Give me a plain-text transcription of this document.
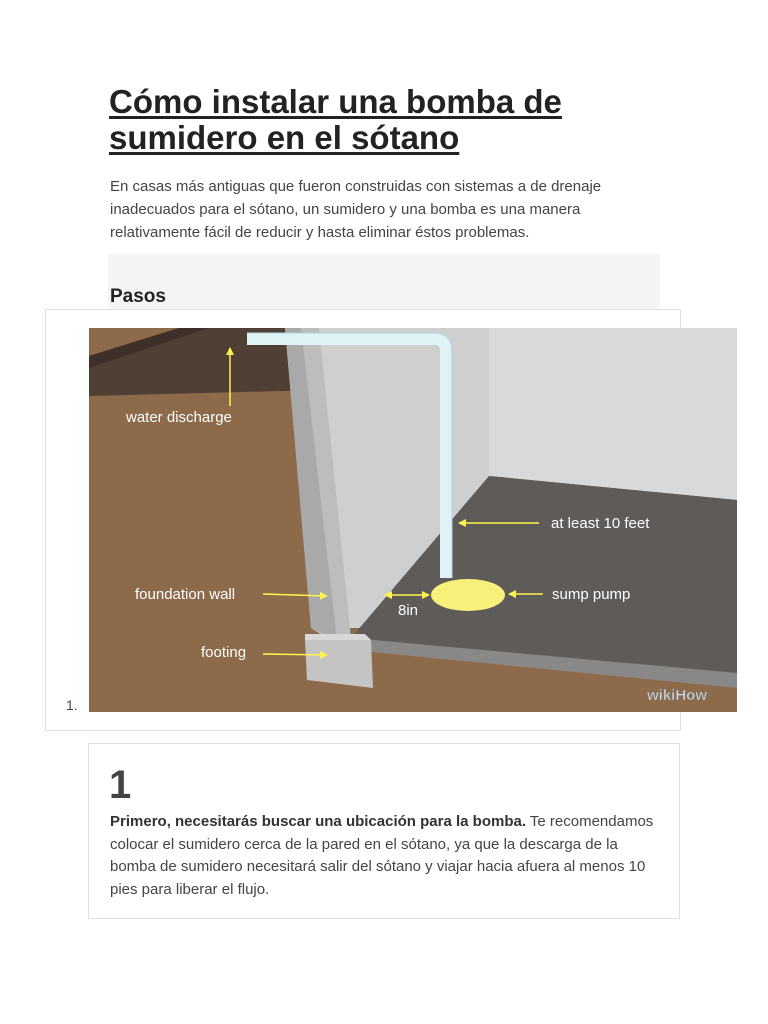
Cómo instalar una bomba de
sumidero en el sótano

En casas más antiguas que fueron construidas con sistemas a de drenaje inadecuados para el sótano, un sumidero y una bomba es una manera relativamente fácil de reducir y hasta eliminar éstos problemas.

Pasos
1.
water discharge
at least 10 feet
foundation wall	sump pump
8in
footing
wikiHow
1

Primero, necesitarás buscar una ubicación para la bomba. Te recomendamos colocar el sumidero cerca de la pared en el sótano, ya que la descarga de la bomba de sumidero necesitará salir del sótano y viajar hacia afuera al menos 10 pies para liberar el flujo.
